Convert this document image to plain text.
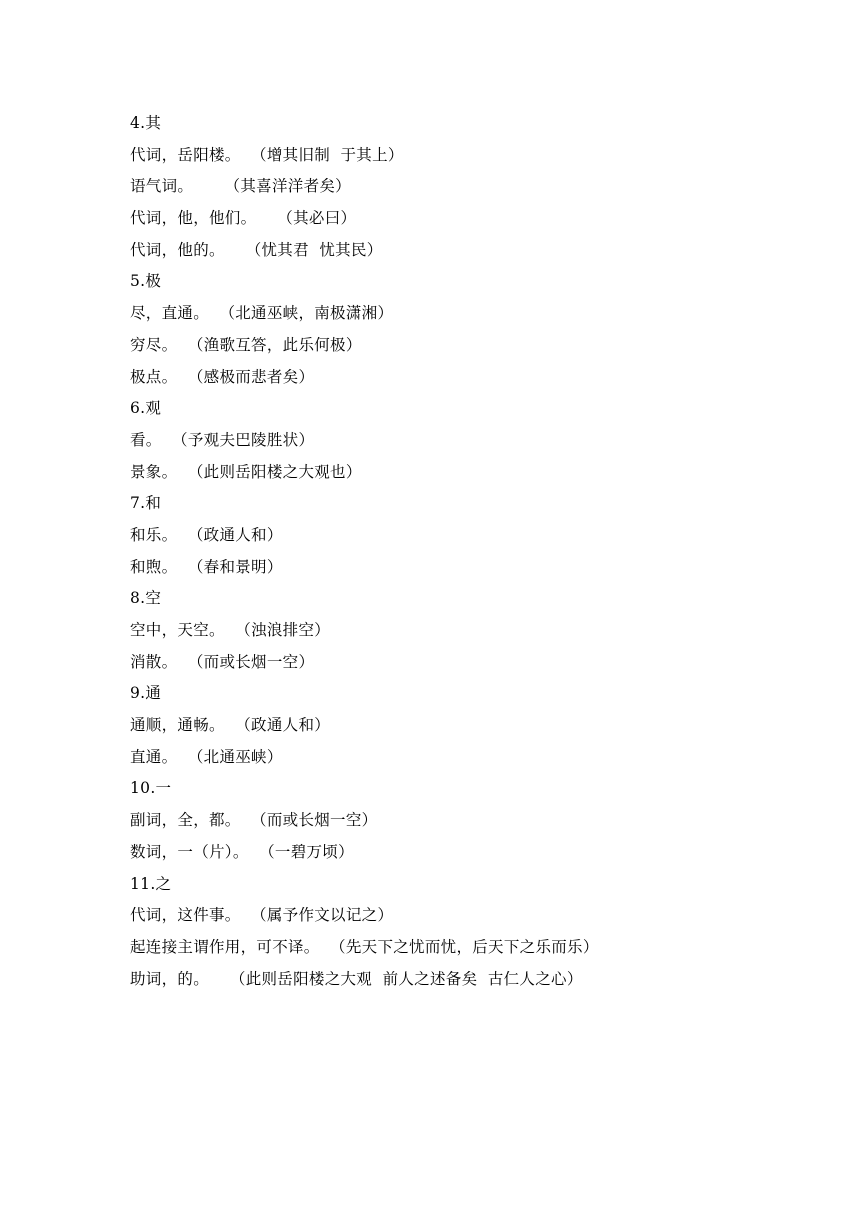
4.其
代词，岳阳楼。  （增其旧制  于其上）
语气词。      （其喜洋洋者矣）
代词，他，他们。    （其必曰）
代词，他的。    （忧其君  忧其民）
5.极
尽，直通。  （北通巫峡，南极潇湘）
穷尽。  （渔歌互答，此乐何极）
极点。  （感极而悲者矣）
6.观
看。  （予观夫巴陵胜状）
景象。  （此则岳阳楼之大观也）
7.和
和乐。  （政通人和）
和煦。  （春和景明）
8.空
空中，天空。  （浊浪排空）
消散。  （而或长烟一空）
9.通
通顺，通畅。  （政通人和）
直通。  （北通巫峡）
10.一
副词，全，都。  （而或长烟一空）
数词，一（片）。  （一碧万顷）
11.之
代词，这件事。  （属予作文以记之）
起连接主谓作用，可不译。  （先天下之忧而忧，后天下之乐而乐）
助词，的。    （此则岳阳楼之大观  前人之述备矣  古仁人之心）
